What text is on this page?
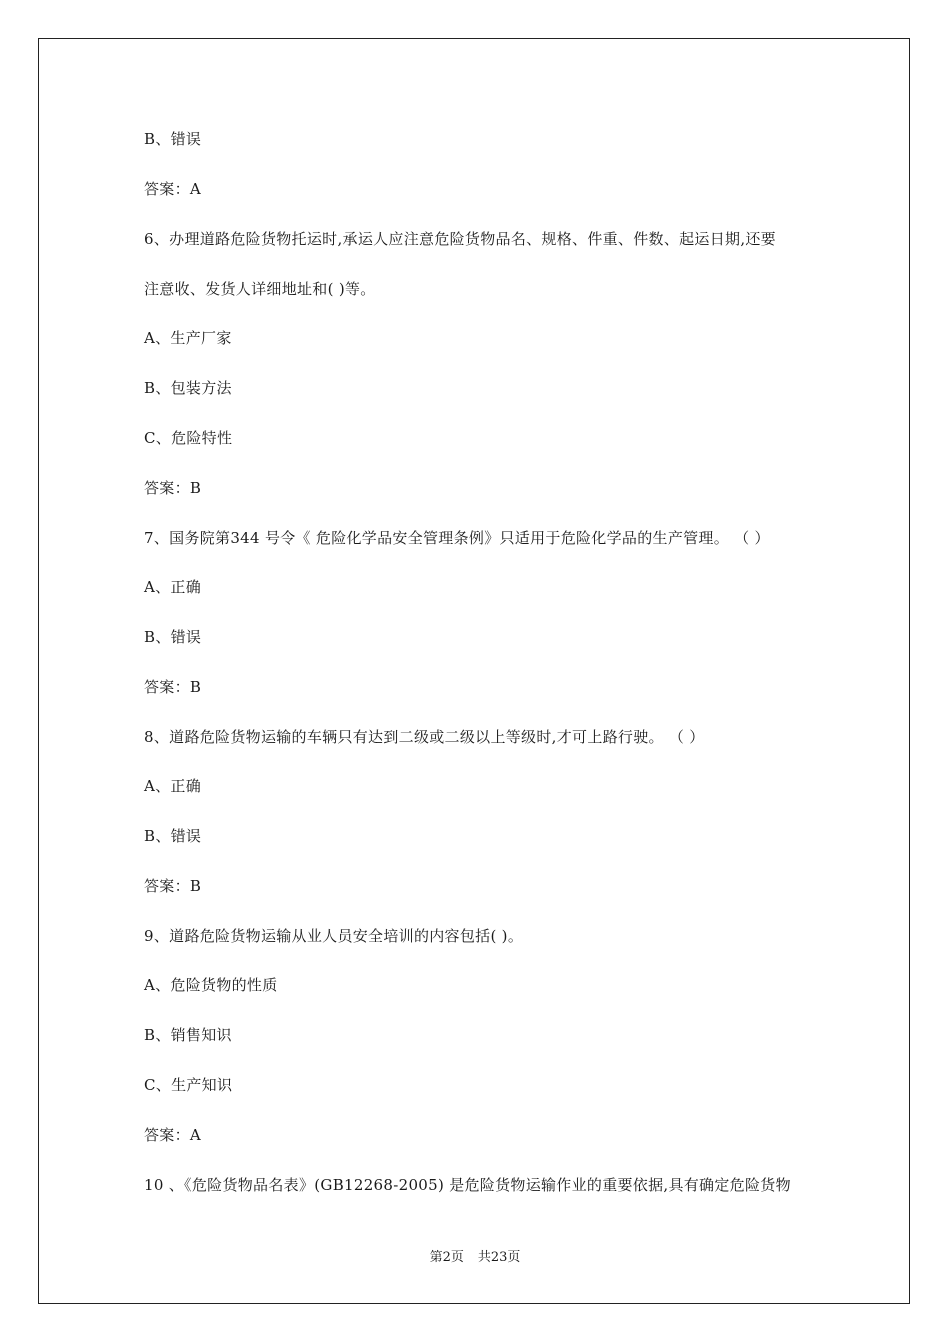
B、错误
答案：A
6、办理道路危险货物托运时,承运人应注意危险货物品名、规格、件重、件数、起运日期,还要
注意收、发货人详细地址和( )等。
A、生产厂家
B、包装方法
C、危险特性
答案：B
7、国务院第344 号令《 危险化学品安全管理条例》只适用于危险化学品的生产管理。 （ ）
A、正确
B、错误
答案：B
8、道路危险货物运输的车辆只有达到二级或二级以上等级时,才可上路行驶。 （ ）
A、正确
B、错误
答案：B
9、道路危险货物运输从业人员安全培训的内容包括( )。
A、危险货物的性质
B、销售知识
C、生产知识
答案：A
10 、《危险货物品名表》(GB12268-2005) 是危险货物运输作业的重要依据,具有确定危险货物
第2页 共23页
